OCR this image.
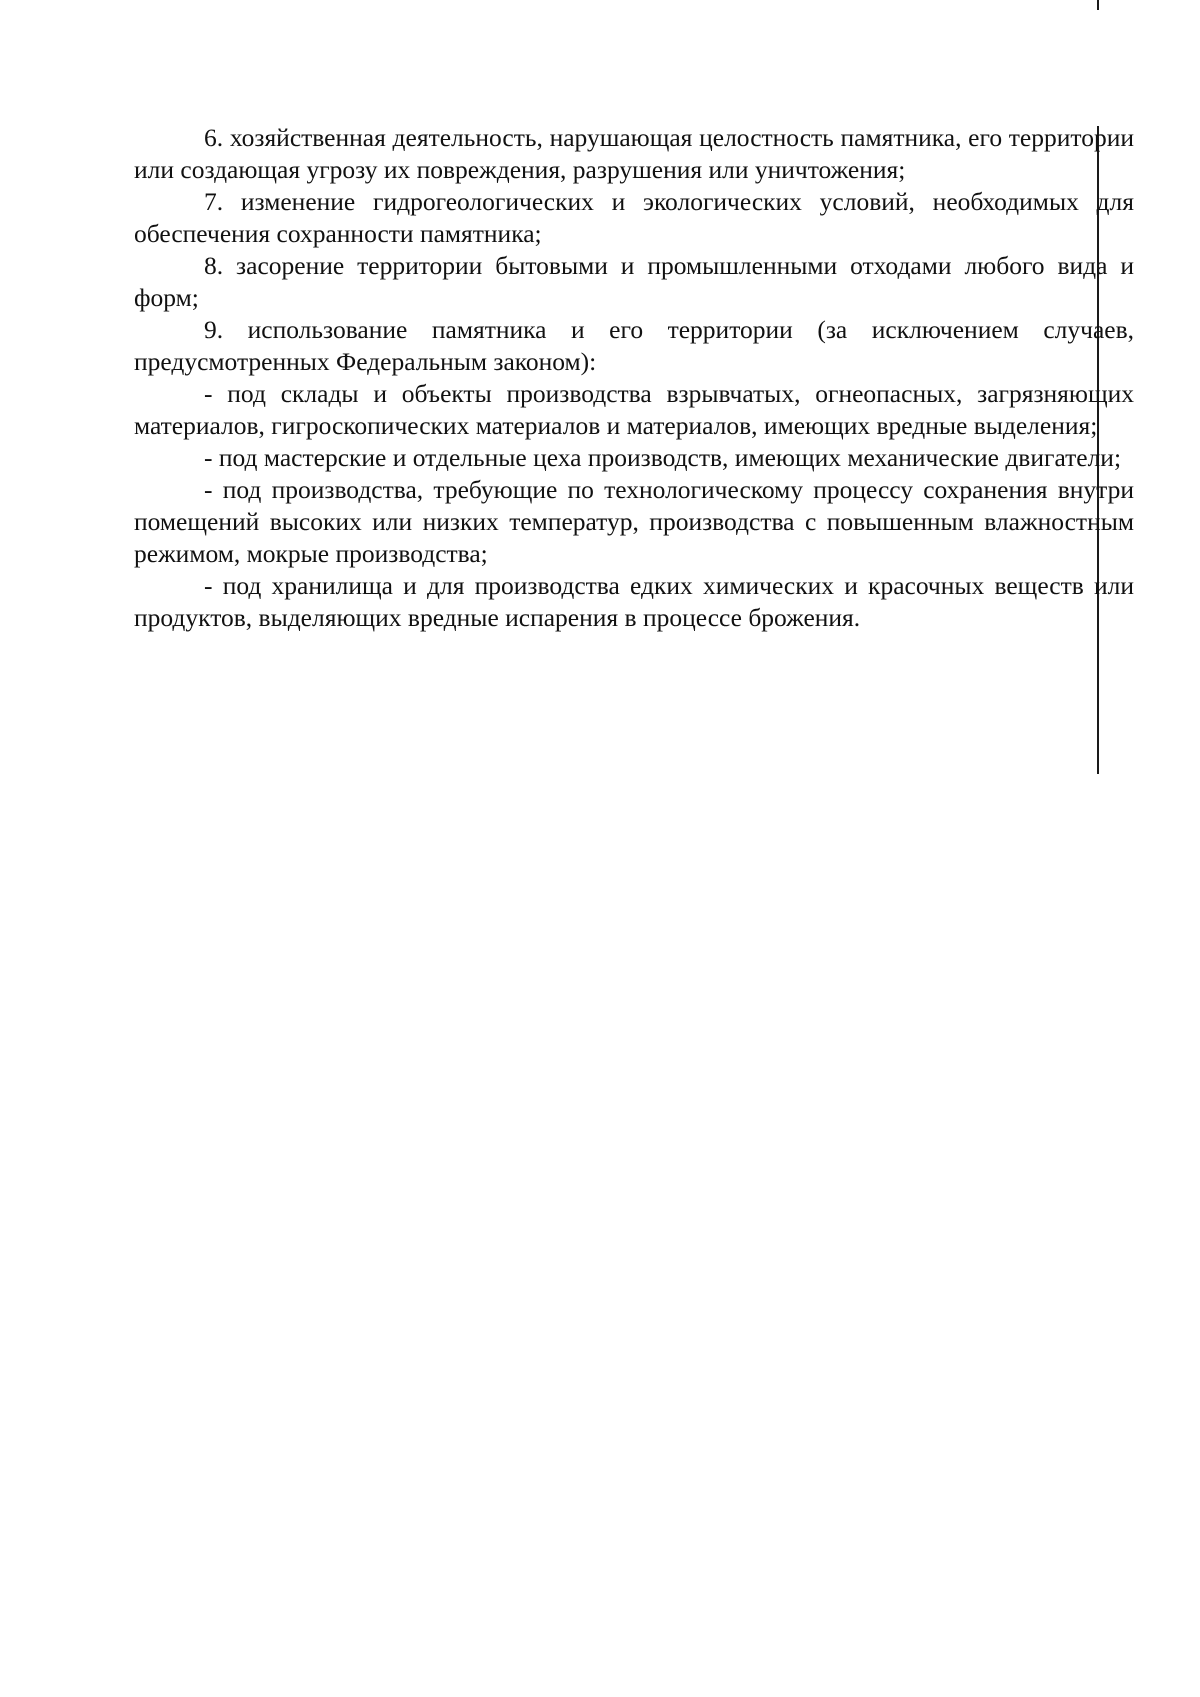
6. хозяйственная деятельность, нарушающая целостность памятника, его территории или создающая угрозу их повреждения, разрушения или уничтожения;

7. изменение гидрогеологических и экологических условий, необходимых для обеспечения сохранности памятника;

8. засорение территории бытовыми и промышленными отходами любого вида и форм;

9. использование памятника и его территории (за исключением случаев, предусмотренных Федеральным законом):

- под склады и объекты производства взрывчатых, огнеопасных, загрязняющих материалов, гигроскопических материалов и материалов, имеющих вредные выделения;

- под мастерские и отдельные цеха производств, имеющих механические двигатели;

- под производства, требующие по технологическому процессу сохранения внутри помещений высоких или низких температур, производства с повышенным влажностным режимом, мокрые производства;

- под хранилища и для производства едких химических и красочных веществ или продуктов, выделяющих вредные испарения в процессе брожения.
